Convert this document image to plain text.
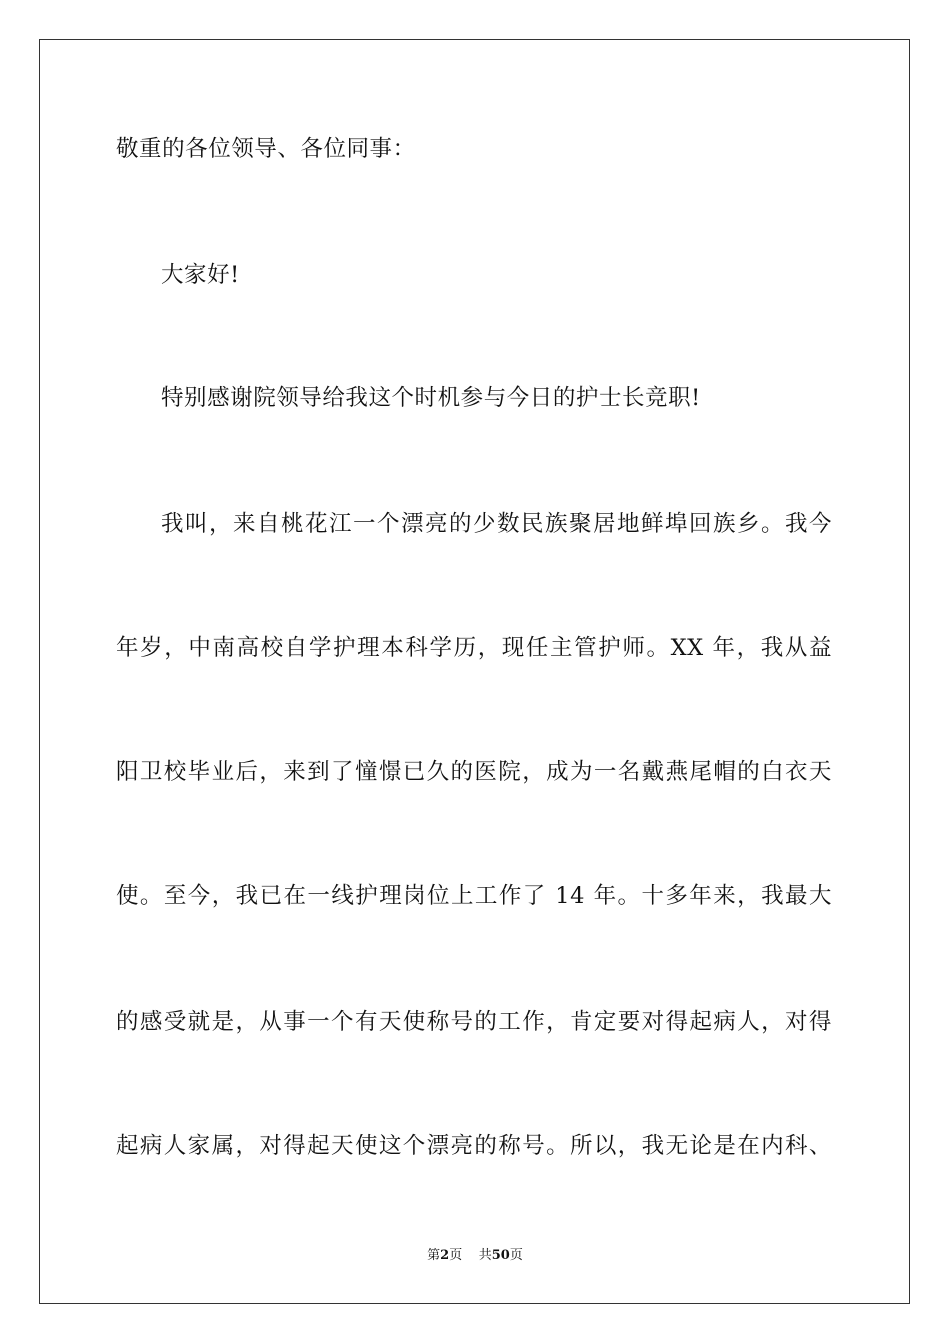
敬重的各位领导、各位同事：
大家好!
特别感谢院领导给我这个时机参与今日的护士长竞职!
我叫，来自桃花江一个漂亮的少数民族聚居地鲜埠回族乡。我今
年岁，中南高校自学护理本科学历，现任主管护师。XX 年，我从益
阳卫校毕业后，来到了憧憬已久的医院，成为一名戴燕尾帽的白衣天
使。至今，我已在一线护理岗位上工作了 14 年。十多年来，我最大
的感受就是，从事一个有天使称号的工作，肯定要对得起病人，对得
起病人家属，对得起天使这个漂亮的称号。所以，我无论是在内科、
第2页 共50页
